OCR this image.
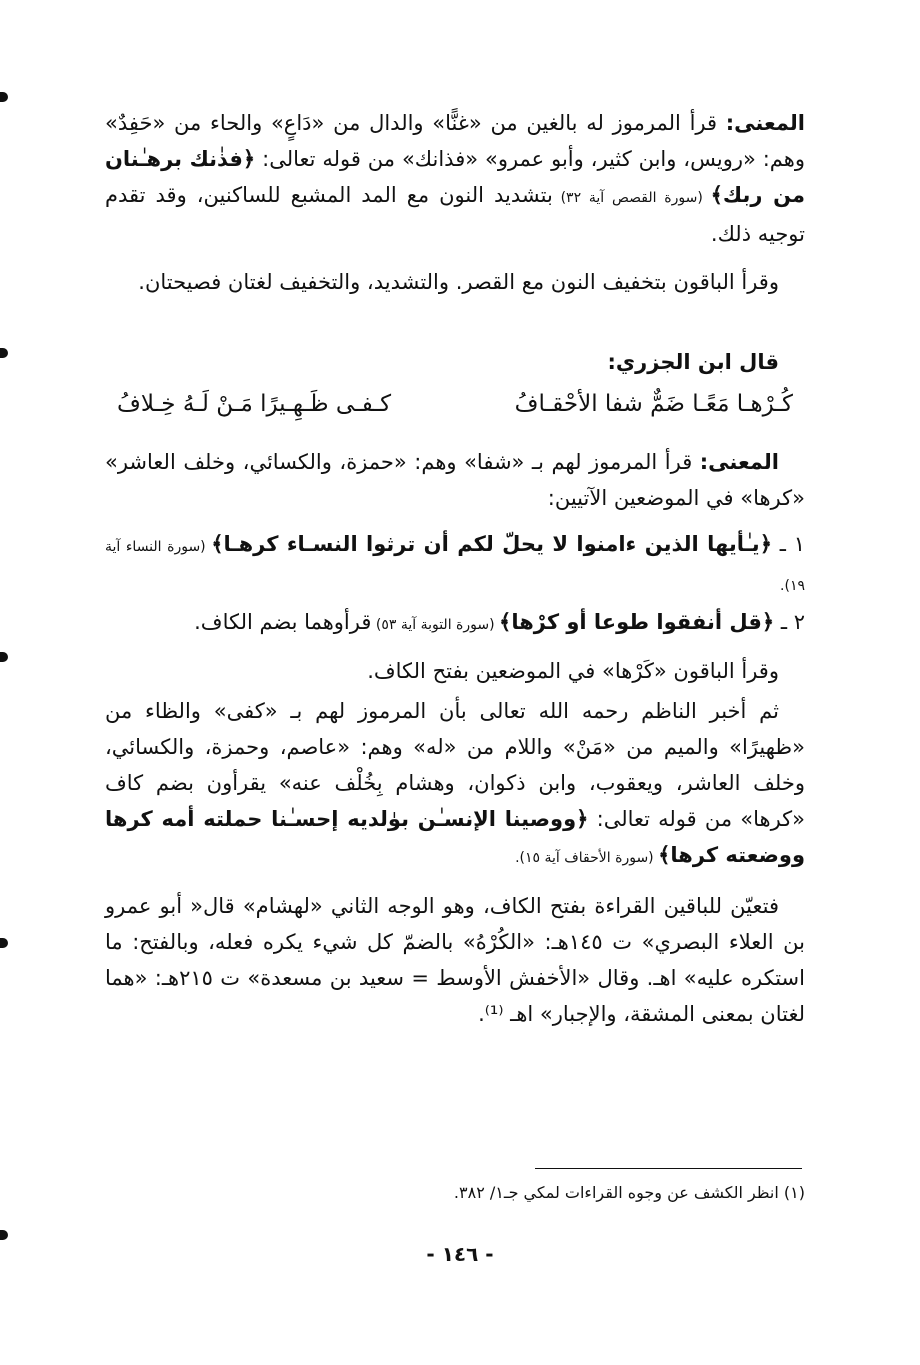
المعنى: قرأ المرموز له بالغين من «غنًّا» والدال من «دَاعٍ» والحاء من «حَفِدٌ» وهم: «رويس، وابن كثير، وأبو عمرو» «فذانك» من قوله تعالى: ﴿فذٰنك برهـٰنان من ربك﴾ (سورة القصص آية ٣٢) بتشديد النون مع المد المشبع للساكنين، وقد تقدم توجيه ذلك.

وقرأ الباقون بتخفيف النون مع القصر. والتشديد، والتخفيف لغتان فصيحتان.

قال ابن الجزري:

كُـرْهـا مَعًـا ضَمٌّ شفا الأحْقـافُ
كـفـى ظَـهِـيرًا مَـنْ لَـهُ خِـلافُ

المعنى: قرأ المرموز لهم بـ «شفا» وهم: «حمزة، والكسائي، وخلف العاشر» «كرها» في الموضعين الآتيين:

١ ـ ﴿يـٰأيها الذين ءامنوا لا يحلّ لكم أن ترثوا النسـاء كرهـا﴾ (سورة النساء آية ١٩).

٢ ـ ﴿قل أنفقوا طوعا أو كرْها﴾ (سورة التوبة آية ٥٣) قرأوهما بضم الكاف.

وقرأ الباقون «كَرْها» في الموضعين بفتح الكاف.

ثم أخبر الناظم رحمه الله تعالى بأن المرموز لهم بـ «كفى» والظاء من «ظهيرًا» والميم من «مَنْ» واللام من «له» وهم: «عاصم، وحمزة، والكسائي، وخلف العاشر، ويعقوب، وابن ذكوان، وهشام بِخُلْف عنه» يقرأون بضم كاف «كرها» من قوله تعالى: ﴿ووصينا الإنسـٰن بوٰلديه إحسـٰنا حملته أمه كرها ووضعته كرها﴾ (سورة الأحقاف آية ١٥).

فتعيّن للباقين القراءة بفتح الكاف، وهو الوجه الثاني «لهشام» قال« أبو عمرو بن العلاء البصري» ت ١٤٥هـ: «الكُرْهُ» بالضمّ كل شيء يكره فعله، وبالفتح: ما استكره عليه» اهـ. وقال «الأخفش الأوسط = سعيد بن مسعدة» ت ٢١٥هـ: «هما لغتان بمعنى المشقة، والإجبار» اهـ ⁽¹⁾.

(١) انظر الكشف عن وجوه القراءات لمكي جـ١/ ٣٨٢.
- ١٤٦ -
